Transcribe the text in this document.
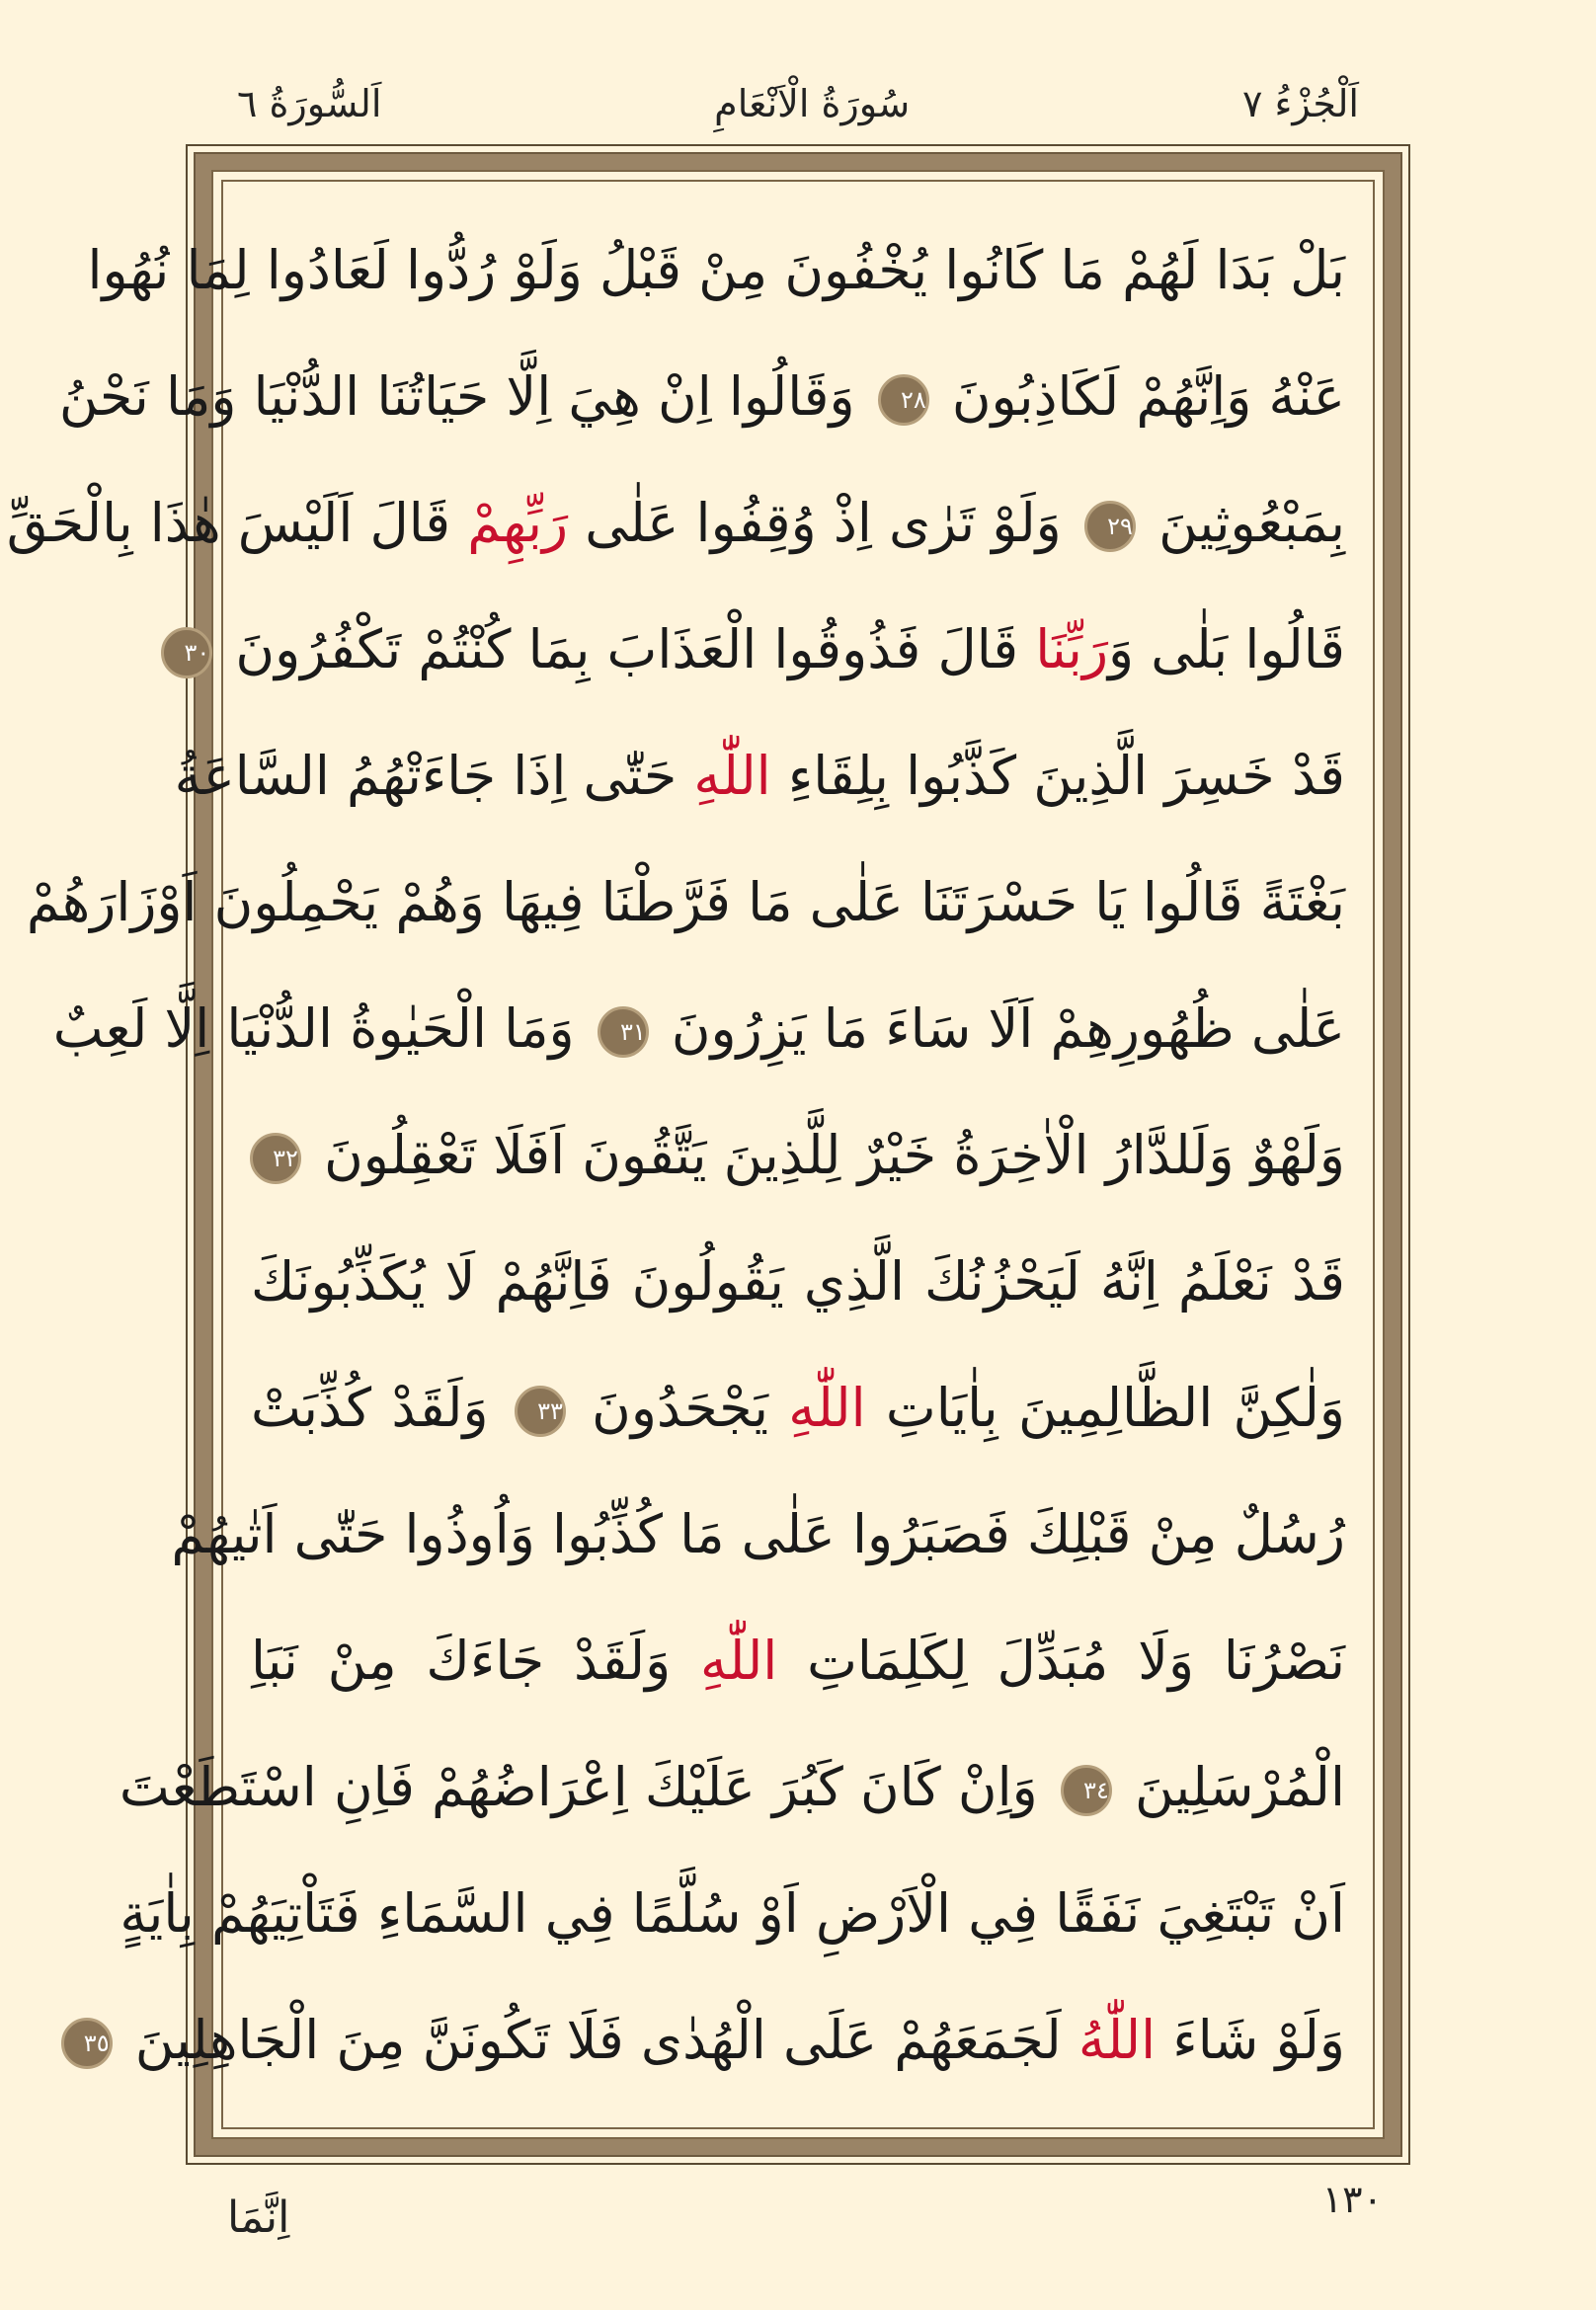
اَلْجُزْءُ ٧
سُورَةُ الْاَنْعَامِ
اَلسُّورَةُ ٦
بَلْ بَدَا لَهُمْ مَا كَانُوا يُخْفُونَ مِنْ قَبْلُ وَلَوْ رُدُّوا لَعَادُوا لِمَا نُهُوا
عَنْهُ وَاِنَّهُمْ لَكَاذِبُونَ ٢٨ وَقَالُوا اِنْ هِيَ اِلَّا حَيَاتُنَا الدُّنْيَا وَمَا نَحْنُ
بِمَبْعُوثِينَ ٢٩ وَلَوْ تَرٰى اِذْ وُقِفُوا عَلٰى رَبِّهِمْ قَالَ اَلَيْسَ هٰذَا بِالْحَقِّ
قَالُوا بَلٰى وَرَبِّنَا قَالَ فَذُوقُوا الْعَذَابَ بِمَا كُنْتُمْ تَكْفُرُونَ ٣٠
قَدْ خَسِرَ الَّذِينَ كَذَّبُوا بِلِقَاءِ اللّٰهِ حَتّٰى اِذَا جَاءَتْهُمُ السَّاعَةُ
بَغْتَةً قَالُوا يَا حَسْرَتَنَا عَلٰى مَا فَرَّطْنَا فِيهَا وَهُمْ يَحْمِلُونَ اَوْزَارَهُمْ
عَلٰى ظُهُورِهِمْ اَلَا سَاءَ مَا يَزِرُونَ ٣١ وَمَا الْحَيٰوةُ الدُّنْيَا اِلَّا لَعِبٌ
وَلَهْوٌ وَلَلدَّارُ الْاٰخِرَةُ خَيْرٌ لِلَّذِينَ يَتَّقُونَ اَفَلَا تَعْقِلُونَ ٣٢
قَدْ نَعْلَمُ اِنَّهُ لَيَحْزُنُكَ الَّذِي يَقُولُونَ فَاِنَّهُمْ لَا يُكَذِّبُونَكَ
وَلٰكِنَّ الظَّالِمِينَ بِاٰيَاتِ اللّٰهِ يَجْحَدُونَ ٣٣ وَلَقَدْ كُذِّبَتْ
رُسُلٌ مِنْ قَبْلِكَ فَصَبَرُوا عَلٰى مَا كُذِّبُوا وَاُوذُوا حَتّٰى اَتٰيهُمْ
نَصْرُنَا وَلَا مُبَدِّلَ لِكَلِمَاتِ اللّٰهِ وَلَقَدْ جَاءَكَ مِنْ نَبَاِ
الْمُرْسَلِينَ ٣٤ وَاِنْ كَانَ كَبُرَ عَلَيْكَ اِعْرَاضُهُمْ فَاِنِ اسْتَطَعْتَ
اَنْ تَبْتَغِيَ نَفَقًا فِي الْاَرْضِ اَوْ سُلَّمًا فِي السَّمَاءِ فَتَاْتِيَهُمْ بِاٰيَةٍ
وَلَوْ شَاءَ اللّٰهُ لَجَمَعَهُمْ عَلَى الْهُدٰى فَلَا تَكُونَنَّ مِنَ الْجَاهِلِينَ ٣٥
١٣٠
اِنَّمَا
